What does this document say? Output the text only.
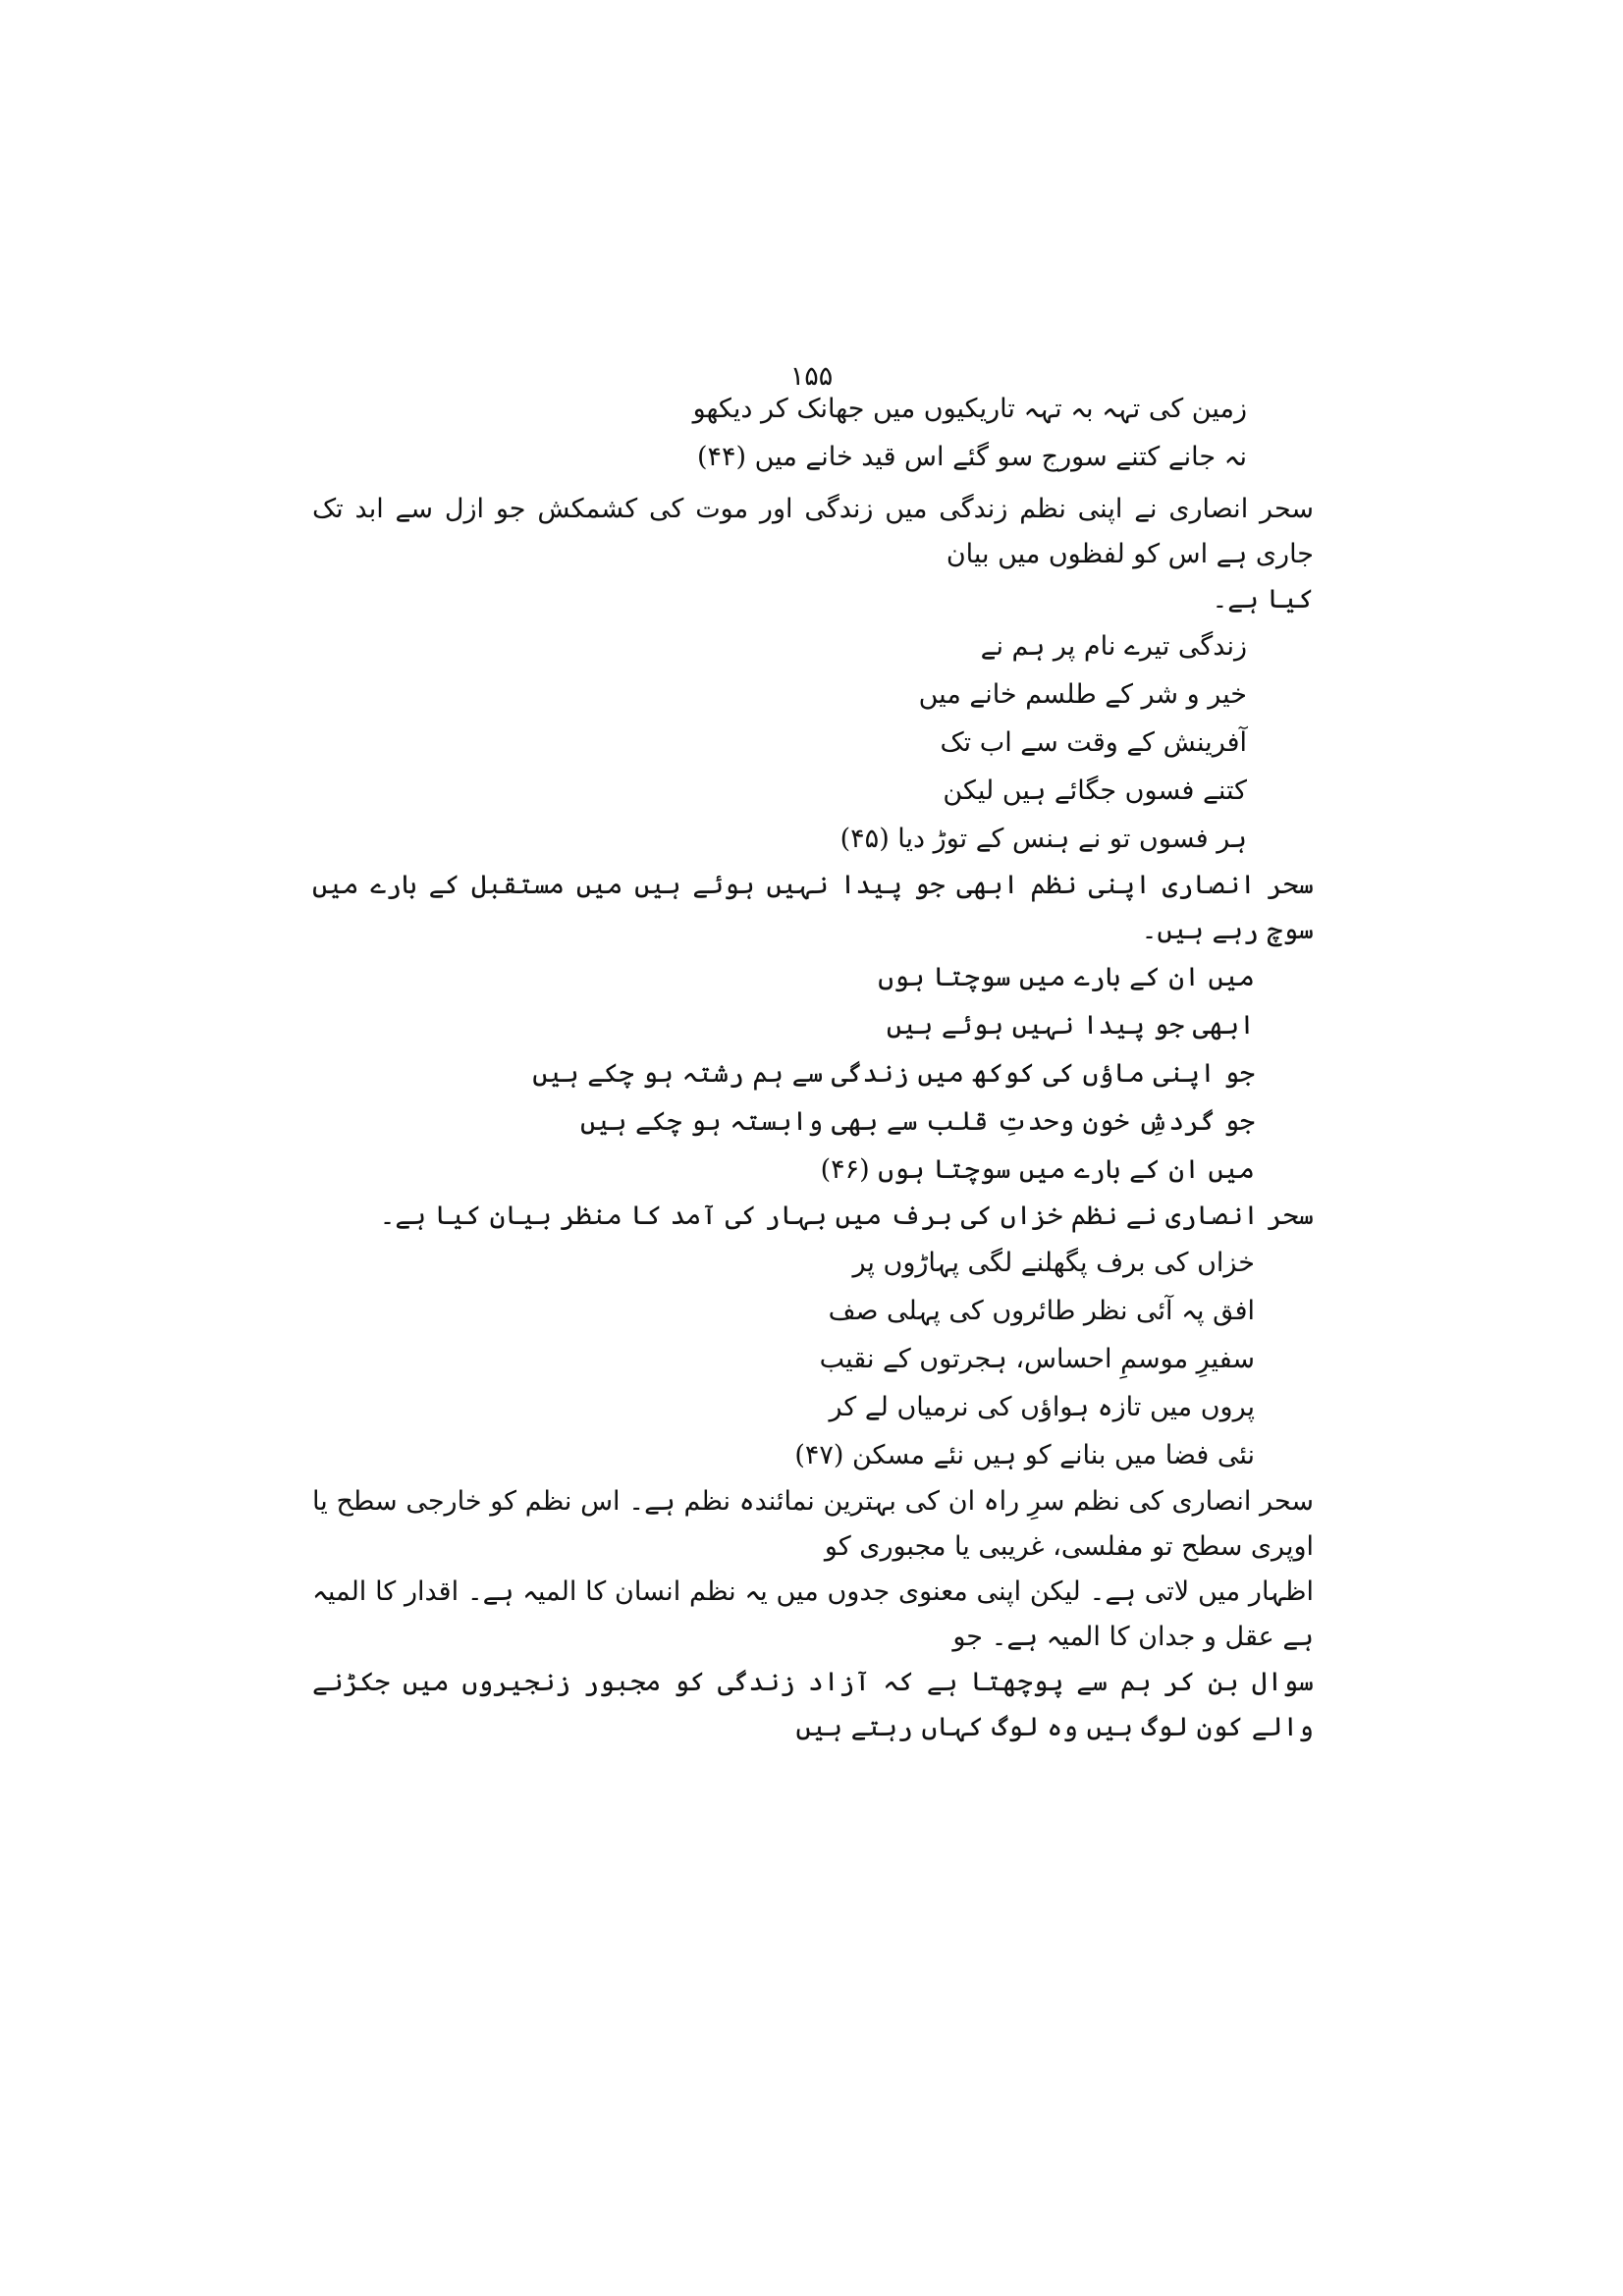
۱۵۵
زمین کی تہہ بہ تہہ تاریکیوں میں جھانک کر دیکھو
نہ جانے کتنے سورج سو گئے اس قید خانے میں (۴۴)
سحر انصاری نے اپنی نظم زندگی میں زندگی اور موت کی کشمکش جو ازل سے ابد تک جاری ہے اس کو لفظوں میں بیان
کیا ہے۔
زندگی تیرے نام پر ہم نے
خیر و شر کے طلسم خانے میں
آفرینش کے وقت سے اب تک
کتنے فسوں جگائے ہیں لیکن
ہر فسوں تو نے ہنس کے توڑ دیا (۴۵)
سحر انصاری اپنی نظم ابھی جو پیدا نہیں ہوئے ہیں میں مستقبل کے بارے میں سوچ رہے ہیں۔
میں ان کے بارے میں سوچتا ہوں
ابھی جو پیدا نہیں ہوئے ہیں
جو اپنی ماؤں کی کوکھ میں زندگی سے ہم رشتہ ہو چکے ہیں
جو گردشِ خون وحدتِ قلب سے بھی وابستہ ہو چکے ہیں
میں ان کے بارے میں سوچتا ہوں (۴۶)
سحر انصاری نے نظم خزاں کی برف میں بہار کی آمد کا منظر بیان کیا ہے۔
خزاں کی برف پگھلنے لگی پہاڑوں پر
افق پہ آئی نظر طائروں کی پہلی صف
سفیرِ موسمِ احساس، ہجرتوں کے نقیب
پروں میں تازہ ہواؤں کی نرمیاں لے کر
نئی فضا میں بنانے کو ہیں نئے مسکن (۴۷)
سحر انصاری کی نظم سرِ راہ ان کی بہترین نمائندہ نظم ہے۔ اس نظم کو خارجی سطح یا اوپری سطح تو مفلسی، غریبی یا مجبوری کو
اظہار میں لاتی ہے۔ لیکن اپنی معنوی جدوں میں یہ نظم انسان کا المیہ ہے۔ اقدار کا المیہ ہے عقل و جدان کا المیہ ہے۔ جو
سوال بن کر ہم سے پوچھتا ہے کہ آزاد زندگی کو مجبور زنجیروں میں جکڑنے والے کون لوگ ہیں وہ لوگ کہاں رہتے ہیں
